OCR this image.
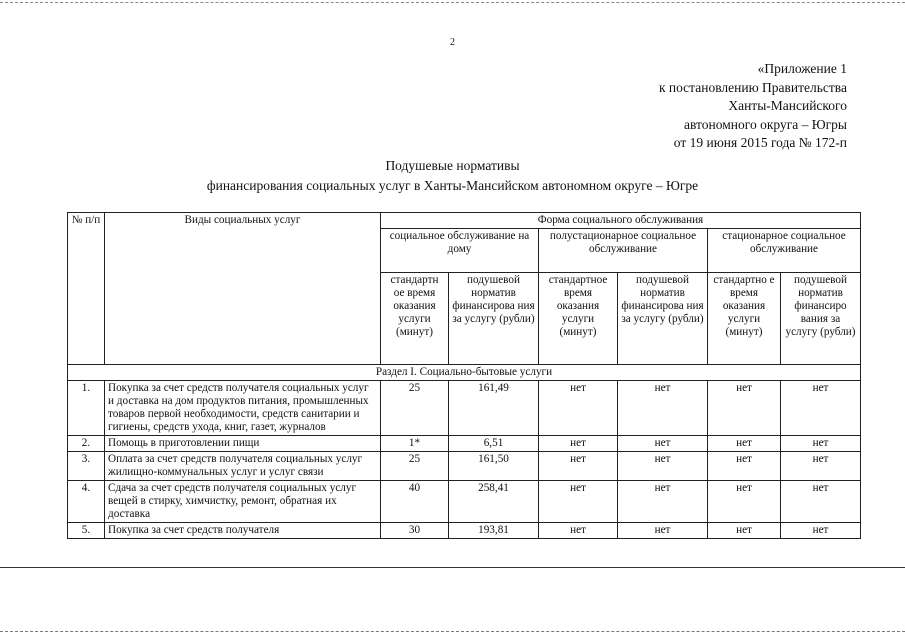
2
«Приложение 1
к постановлению Правительства
Ханты-Мансийского
автономного округа – Югры
от 19 июня 2015 года № 172-п
Подушевые нормативы
финансирования социальных услуг в Ханты-Мансийском автономном округе – Югре
№ п/п	Виды социальных услуг	Форма социального обслуживания					
		социальное обслуживание на дому		полустационарное социальное обслуживание		стационарное социальное обслуживание	
		стандартн ое время оказания услуги (минут)	подушевой норматив финансирова ния за услугу (рубли)	стандартное время оказания услуги (минут)	подушевой норматив финансирова ния за услугу (рубли)	стандартно е время оказания услуги (минут)	подушевой норматив финансиро вания за услугу (рубли)
Раздел I. Социально-бытовые услуги							
1.	Покупка за счет средств получателя социальных услуг и доставка на дом продуктов питания, промышленных товаров первой необходимости, средств санитарии и гигиены, средств ухода, книг, газет, журналов	25	161,49	нет	нет	нет	нет
2.	Помощь в приготовлении пищи	1*	6,51	нет	нет	нет	нет
3.	Оплата за счет средств получателя социальных услуг жилищно-коммунальных услуг и услуг связи	25	161,50	нет	нет	нет	нет
4.	Сдача за счет средств получателя социальных услуг вещей в стирку, химчистку, ремонт, обратная их доставка	40	258,41	нет	нет	нет	нет
5.	Покупка за счет средств получателя	30	193,81	нет	нет	нет	нет
